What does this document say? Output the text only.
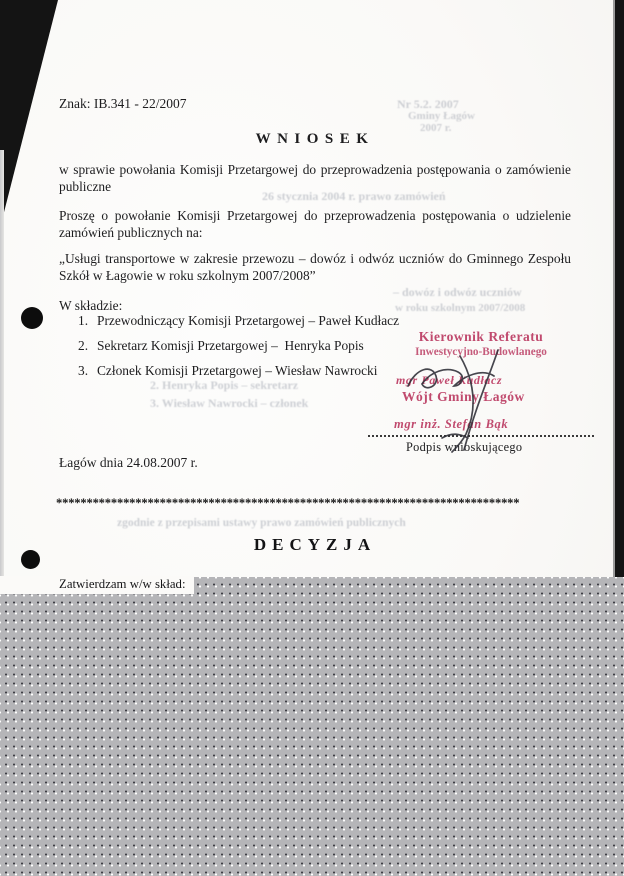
Nr 5.2. 2007
Gminy Łagów
2007 r.
26 stycznia 2004 r. prawo zamówień
– dowóz i odwóz uczniów
w roku szkolnym 2007/2008
2. Henryka Popis – sekretarz
3. Wiesław Nawrocki – członek
zgodnie z przepisami ustawy prawo zamówień publicznych
Znak: IB.341 - 22/2007
WNIOSEK
w sprawie powołania Komisji Przetargowej do przeprowadzenia postępowania o zamówienie publiczne
Proszę o powołanie Komisji Przetargowej do przeprowadzenia postępowania o udzielenie zamówień publicznych na:
„Usługi transportowe w zakresie przewozu – dowóz i odwóz uczniów do Gminnego Zespołu Szkół w Łagowie w roku szkolnym 2007/2008”
W składzie:
1. Przewodniczący Komisji Przetargowej – Paweł Kudłacz
2. Sekretarz Komisji Przetargowej –  Henryka Popis
3. Członek Komisji Przetargowej – Wiesław Nawrocki
Kierownik Referatu
Inwestycyjno-Budowlanego
mgr Paweł Kudłacz
Wójt Gminy Łagów
mgr inż. Stefan Bąk
Podpis wnioskującego
Łagów dnia 24.08.2007 r.
****************************************************************************
DECYZJA
Zatwierdzam w/w skład:
